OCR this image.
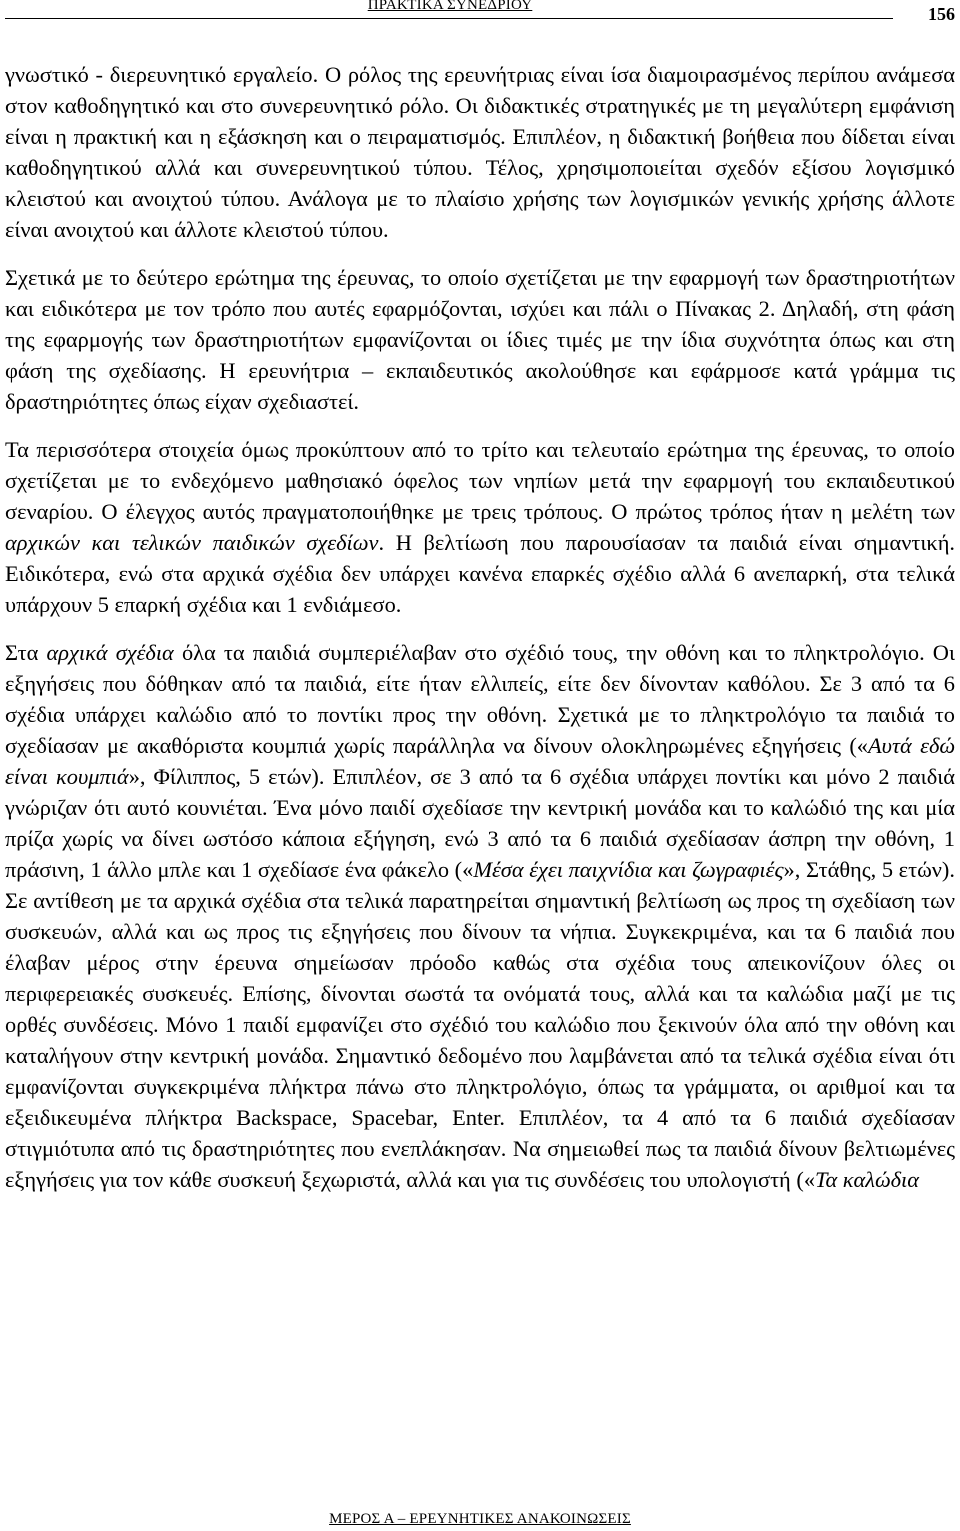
ΠΡΑΚΤΙΚΑ ΣΥΝΕΔΡΙΟΥ	156

γνωστικό - διερευνητικό εργαλείο. Ο ρόλος της ερευνήτριας είναι ίσα διαμοιρασμένος περίπου ανάμεσα στον καθοδηγητικό και στο συνερευνητικό ρόλο. Οι διδακτικές στρατηγικές με τη μεγαλύτερη εμφάνιση είναι η πρακτική και η εξάσκηση και ο πειραματισμός. Επιπλέον, η διδακτική βοήθεια που δίδεται είναι καθοδηγητικού αλλά και συνερευνητικού τύπου. Τέλος, χρησιμοποιείται σχεδόν εξίσου λογισμικό κλειστού και ανοιχτού τύπου. Ανάλογα με το πλαίσιο χρήσης των λογισμικών γενικής χρήσης άλλοτε είναι ανοιχτού και άλλοτε κλειστού τύπου.

Σχετικά με το δεύτερο ερώτημα της έρευνας, το οποίο σχετίζεται με την εφαρμογή των δραστηριοτήτων και ειδικότερα με τον τρόπο που αυτές εφαρμόζονται, ισχύει και πάλι ο Πίνακας 2. Δηλαδή, στη φάση της εφαρμογής των δραστηριοτήτων εμφανίζονται οι ίδιες τιμές με την ίδια συχνότητα όπως και στη φάση της σχεδίασης. Η ερευνήτρια – εκπαιδευτικός ακολούθησε και εφάρμοσε κατά γράμμα τις δραστηριότητες όπως είχαν σχεδιαστεί.

Τα περισσότερα στοιχεία όμως προκύπτουν από το τρίτο και τελευταίο ερώτημα της έρευνας, το οποίο σχετίζεται με το ενδεχόμενο μαθησιακό όφελος των νηπίων μετά την εφαρμογή του εκπαιδευτικού σεναρίου. Ο έλεγχος αυτός πραγματοποιήθηκε με τρεις τρόπους. Ο πρώτος τρόπος ήταν η μελέτη των αρχικών και τελικών παιδικών σχεδίων. Η βελτίωση που παρουσίασαν τα παιδιά είναι σημαντική. Ειδικότερα, ενώ στα αρχικά σχέδια δεν υπάρχει κανένα επαρκές σχέδιο αλλά 6 ανεπαρκή, στα τελικά υπάρχουν 5 επαρκή σχέδια και 1 ενδιάμεσο.

Στα αρχικά σχέδια όλα τα παιδιά συμπεριέλαβαν στο σχέδιό τους, την οθόνη και το πληκτρολόγιο. Οι εξηγήσεις που δόθηκαν από τα παιδιά, είτε ήταν ελλιπείς, είτε δεν δίνονταν καθόλου. Σε 3 από τα 6 σχέδια υπάρχει καλώδιο από το ποντίκι προς την οθόνη. Σχετικά με το πληκτρολόγιο τα παιδιά το σχεδίασαν με ακαθόριστα κουμπιά χωρίς παράλληλα να δίνουν ολοκληρωμένες εξηγήσεις («Αυτά εδώ είναι κουμπιά», Φίλιππος, 5 ετών). Επιπλέον, σε 3 από τα 6 σχέδια υπάρχει ποντίκι και μόνο 2 παιδιά γνώριζαν ότι αυτό κουνιέται. Ένα μόνο παιδί σχεδίασε την κεντρική μονάδα και το καλώδιό της και μία πρίζα χωρίς να δίνει ωστόσο κάποια εξήγηση, ενώ 3 από τα 6 παιδιά σχεδίασαν άσπρη την οθόνη, 1 πράσινη, 1 άλλο μπλε και 1 σχεδίασε ένα φάκελο («Μέσα έχει παιχνίδια και ζωγραφιές», Στάθης, 5 ετών). Σε αντίθεση με τα αρχικά σχέδια στα τελικά παρατηρείται σημαντική βελτίωση ως προς τη σχεδίαση των συσκευών, αλλά και ως προς τις εξηγήσεις που δίνουν τα νήπια. Συγκεκριμένα, και τα 6 παιδιά που έλαβαν μέρος στην έρευνα σημείωσαν πρόοδο καθώς στα σχέδια τους απεικονίζουν όλες οι περιφερειακές συσκευές. Επίσης, δίνονται σωστά τα ονόματά τους, αλλά και τα καλώδια μαζί με τις ορθές συνδέσεις. Μόνο 1 παιδί εμφανίζει στο σχέδιό του καλώδιο που ξεκινούν όλα από την οθόνη και καταλήγουν στην κεντρική μονάδα. Σημαντικό δεδομένο που λαμβάνεται από τα τελικά σχέδια είναι ότι εμφανίζονται συγκεκριμένα πλήκτρα πάνω στο πληκτρολόγιο, όπως τα γράμματα, οι αριθμοί και τα εξειδικευμένα πλήκτρα Backspace, Spacebar, Enter. Επιπλέον, τα 4 από τα 6 παιδιά σχεδίασαν στιγμιότυπα από τις δραστηριότητες που ενεπλάκησαν. Να σημειωθεί πως τα παιδιά δίνουν βελτιωμένες εξηγήσεις για τον κάθε συσκευή ξεχωριστά, αλλά και για τις συνδέσεις του υπολογιστή («Τα καλώδια

ΜΕΡΟΣ Α – ΕΡΕΥΝΗΤΙΚΕΣ ΑΝΑΚΟΙΝΩΣΕΙΣ
